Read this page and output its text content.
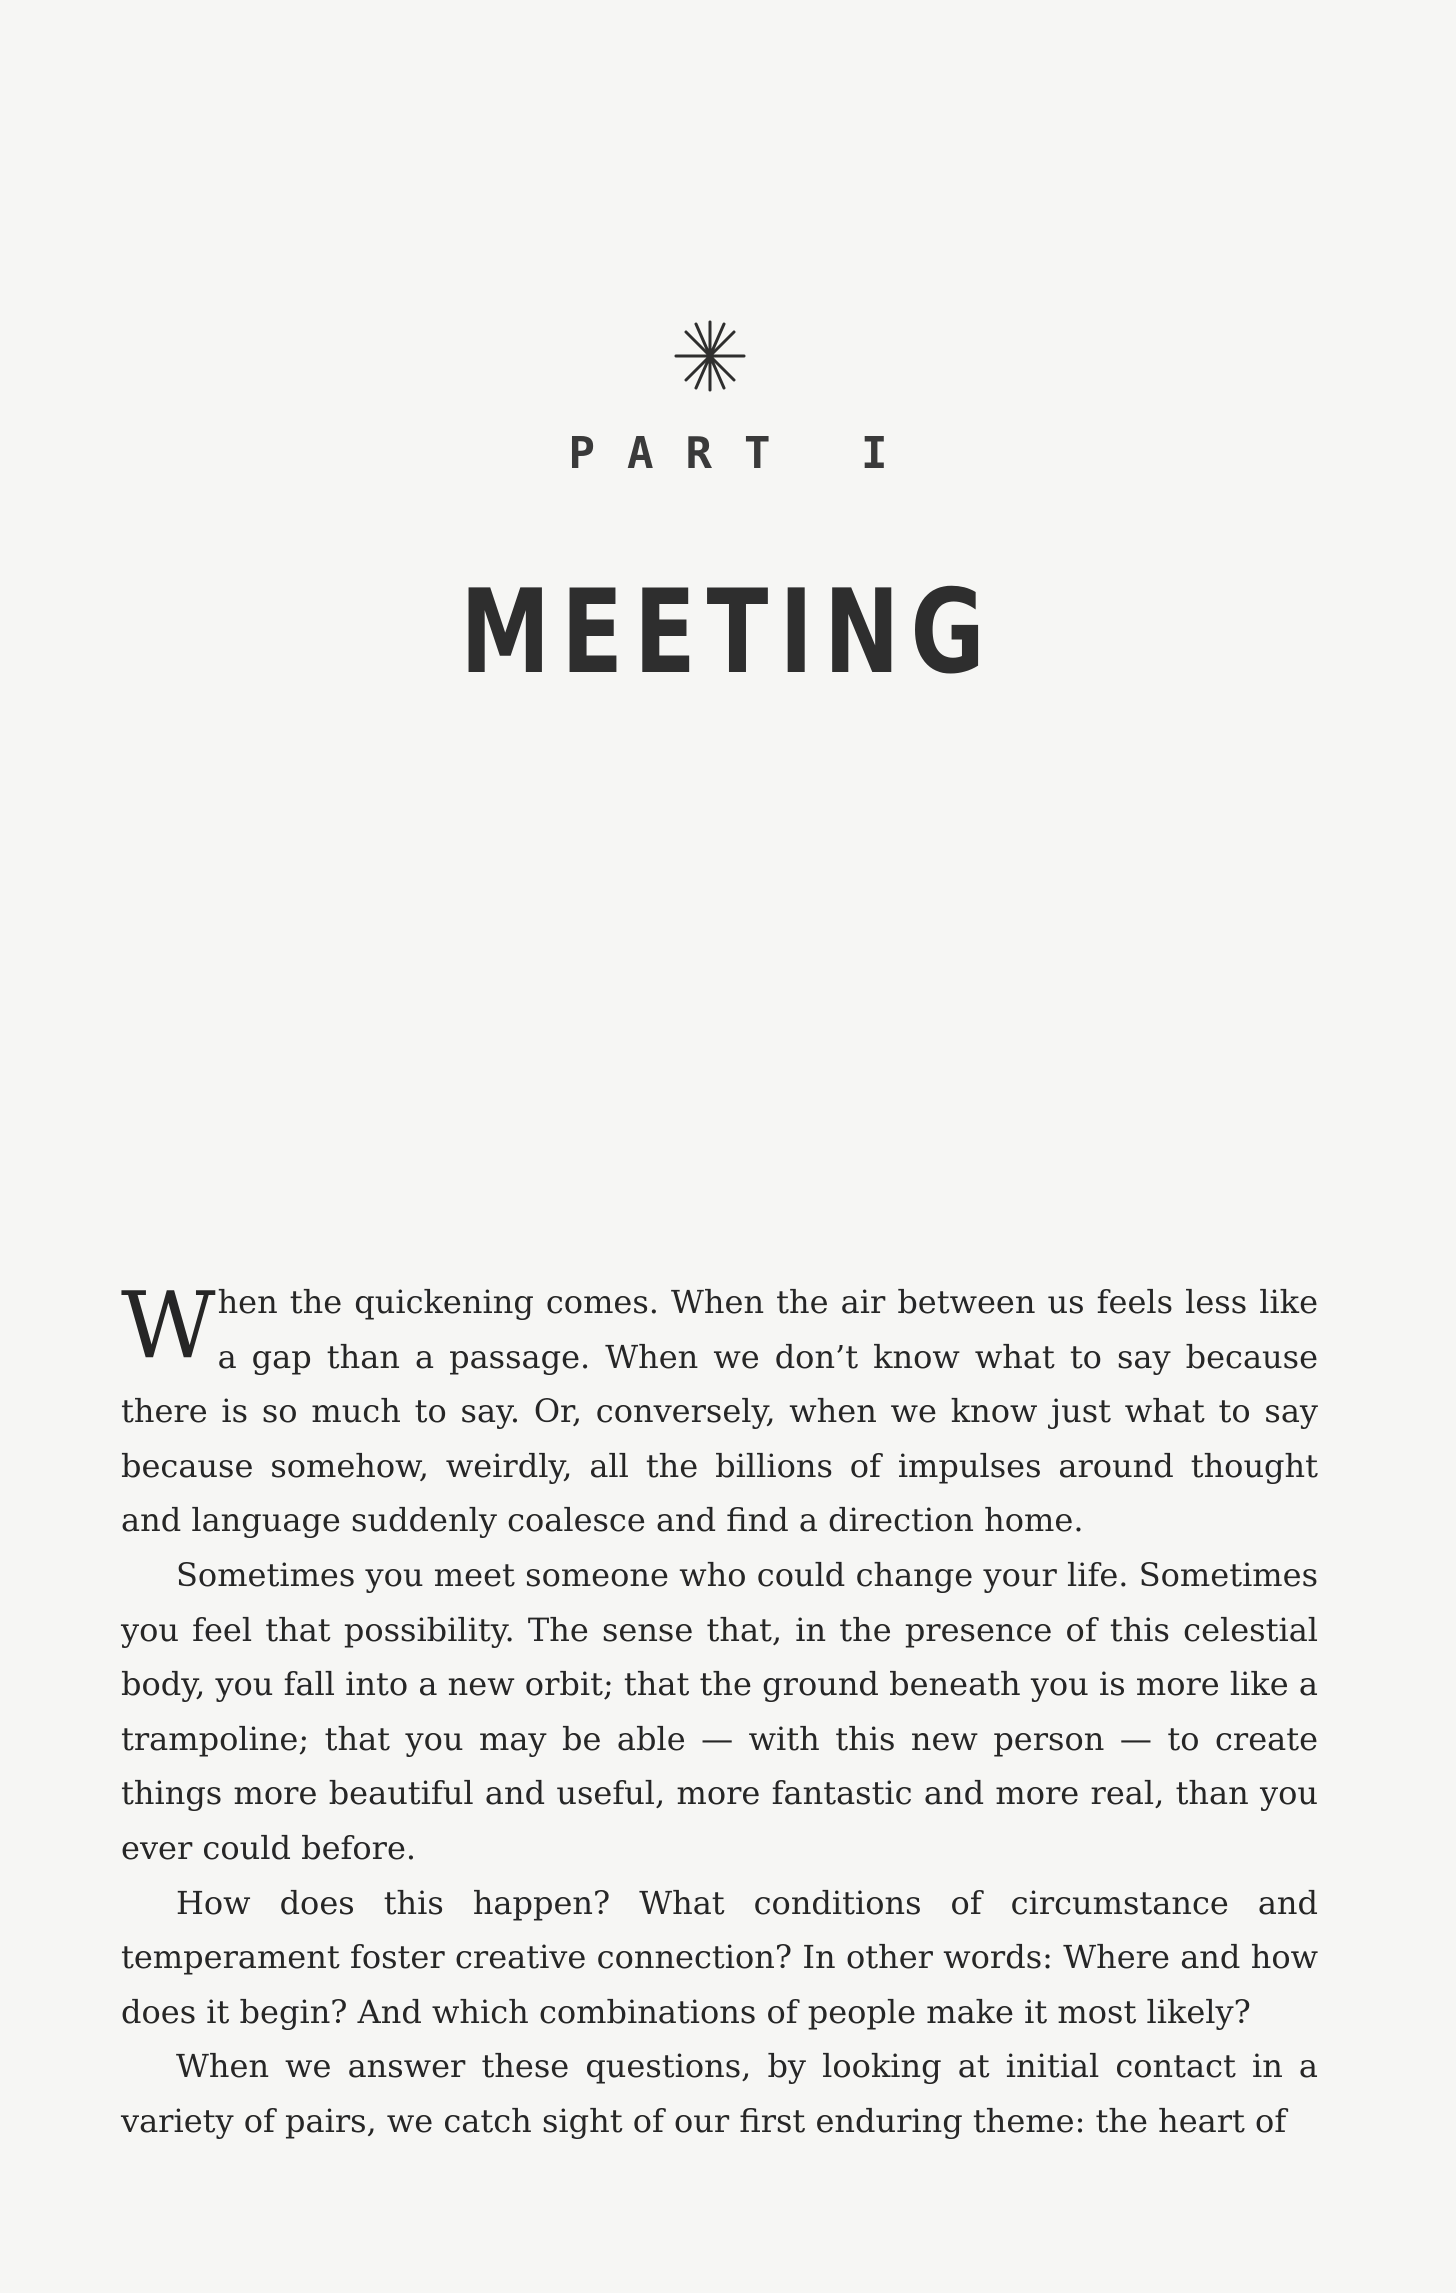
PART I
MEETING

When the quickening comes. When the air between us feels less like a gap than a passage. When we don’t know what to say because there is so much to say. Or, conversely, when we know just what to say because somehow, weirdly, all the billions of impulses around thought and language suddenly coalesce and find a direction home.

Sometimes you meet someone who could change your life. Sometimes you feel that possibility. The sense that, in the presence of this celestial body, you fall into a new orbit; that the ground beneath you is more like a trampoline; that you may be able — with this new person — to create things more beautiful and useful, more fantastic and more real, than you ever could before.

How does this happen? What conditions of circumstance and temperament foster creative connection? In other words: Where and how does it begin? And which combinations of people make it most likely?

When we answer these questions, by looking at initial contact in a variety of pairs, we catch sight of our first enduring theme: the heart of
